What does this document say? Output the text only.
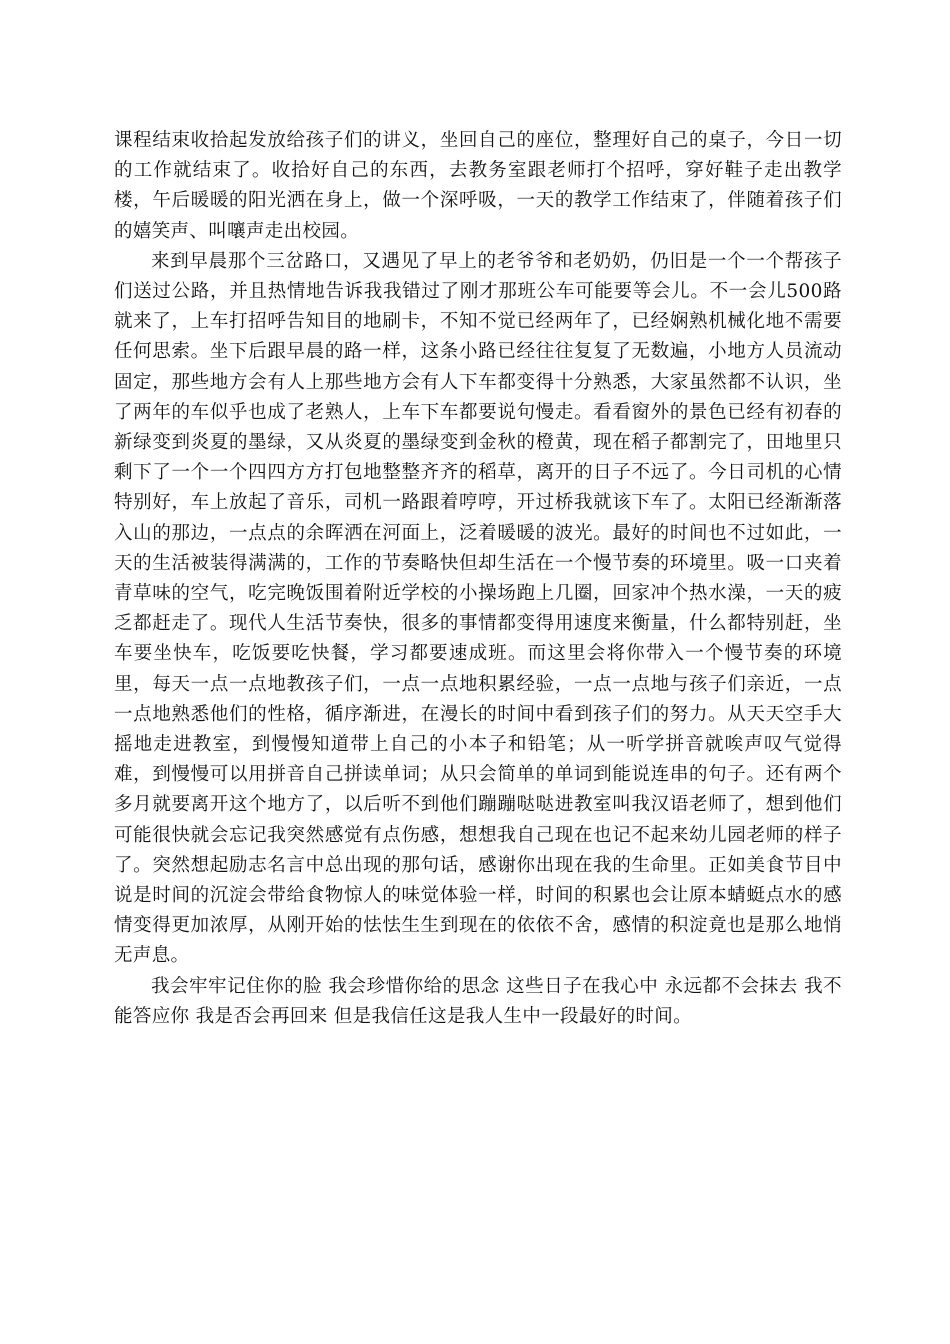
课程结束收拾起发放给孩子们的讲义，坐回自己的座位，整理好自己的桌子，今日一切的工作就结束了。收拾好自己的东西，去教务室跟老师打个招呼，穿好鞋子走出教学楼，午后暖暖的阳光洒在身上，做一个深呼吸，一天的教学工作结束了，伴随着孩子们的嬉笑声、叫嚷声走出校园。

来到早晨那个三岔路口，又遇见了早上的老爷爷和老奶奶，仍旧是一个一个帮孩子们送过公路，并且热情地告诉我我错过了刚才那班公车可能要等会儿。不一会儿500路就来了，上车打招呼告知目的地刷卡，不知不觉已经两年了，已经娴熟机械化地不需要任何思索。坐下后跟早晨的路一样，这条小路已经往往复复了无数遍，小地方人员流动固定，那些地方会有人上那些地方会有人下车都变得十分熟悉，大家虽然都不认识，坐了两年的车似乎也成了老熟人，上车下车都要说句慢走。看看窗外的景色已经有初春的新绿变到炎夏的墨绿，又从炎夏的墨绿变到金秋的橙黄，现在稻子都割完了，田地里只剩下了一个一个四四方方打包地整整齐齐的稻草，离开的日子不远了。今日司机的心情特别好，车上放起了音乐，司机一路跟着哼哼，开过桥我就该下车了。太阳已经渐渐落入山的那边，一点点的余晖洒在河面上，泛着暖暖的波光。最好的时间也不过如此，一天的生活被装得满满的，工作的节奏略快但却生活在一个慢节奏的环境里。吸一口夹着青草味的空气，吃完晚饭围着附近学校的小操场跑上几圈，回家冲个热水澡，一天的疲乏都赶走了。现代人生活节奏快，很多的事情都变得用速度来衡量，什么都特别赶，坐车要坐快车，吃饭要吃快餐，学习都要速成班。而这里会将你带入一个慢节奏的环境里，每天一点一点地教孩子们，一点一点地积累经验，一点一点地与孩子们亲近，一点一点地熟悉他们的性格，循序渐进，在漫长的时间中看到孩子们的努力。从天天空手大摇地走进教室，到慢慢知道带上自己的小本子和铅笔；从一听学拼音就唉声叹气觉得难，到慢慢可以用拼音自己拼读单词；从只会简单的单词到能说连串的句子。还有两个多月就要离开这个地方了，以后听不到他们蹦蹦哒哒进教室叫我汉语老师了，想到他们可能很快就会忘记我突然感觉有点伤感，想想我自己现在也记不起来幼儿园老师的样子了。突然想起励志名言中总出现的那句话，感谢你出现在我的生命里。正如美食节目中说是时间的沉淀会带给食物惊人的味觉体验一样，时间的积累也会让原本蜻蜓点水的感情变得更加浓厚，从刚开始的怯怯生生到现在的依依不舍，感情的积淀竟也是那么地悄无声息。

我会牢牢记住你的脸 我会珍惜你给的思念 这些日子在我心中 永远都不会抹去 我不能答应你 我是否会再回来 但是我信任这是我人生中一段最好的时间。
